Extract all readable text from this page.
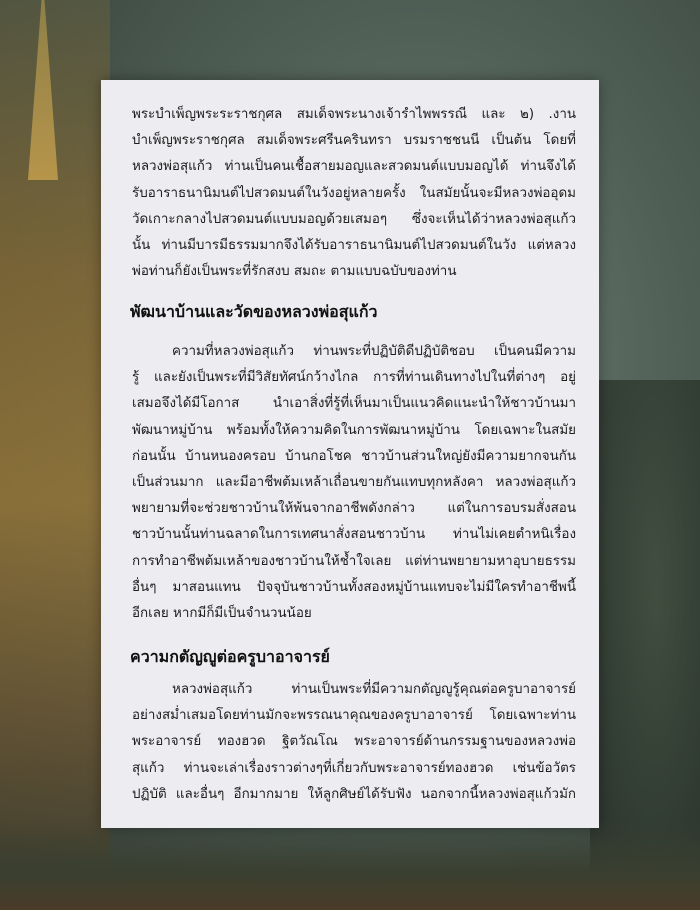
พระบำเพ็ญพระระราชกุศล สมเด็จพระนางเจ้ารำไพพรรณี และ ๒) .งาน
บำเพ็ญพระราชกุศล สมเด็จพระศรีนครินทรา บรมราชชนนี เป็นต้น โดยที่
หลวงพ่อสุแก้ว ท่านเป็นคนเชื้อสายมอญและสวดมนต์แบบมอญได้ ท่านจึงได้
รับอาราธนานิมนต์ไปสวดมนต์ในวังอยู่หลายครั้ง ในสมัยนั้นจะมีหลวงพ่ออุดม
วัดเกาะกลางไปสวดมนต์แบบมอญด้วยเสมอๆ ซึ่งจะเห็นได้ว่าหลวงพ่อสุแก้ว
นั้น ท่านมีบารมีธรรมมากจึงได้รับอาราธนานิมนต์ไปสวดมนต์ในวัง แต่หลวง
พ่อท่านก็ยังเป็นพระที่รักสงบ สมถะ ตามแบบฉบับของท่าน
พัฒนาบ้านและวัดของหลวงพ่อสุแก้ว
ความที่หลวงพ่อสุแก้ว ท่านพระที่ปฏิบัติดีปฏิบัติชอบ เป็นคนมีความ
รู้ และยังเป็นพระที่มีวิสัยทัศน์กว้างไกล การที่ท่านเดินทางไปในที่ต่างๆ อยู่
เสมอจึงได้มีโอกาส นำเอาสิ่งที่รู้ที่เห็นมาเป็นแนวคิดแนะนำให้ชาวบ้านมา
พัฒนาหมู่บ้าน พร้อมทั้งให้ความคิดในการพัฒนาหมู่บ้าน โดยเฉพาะในสมัย
ก่อนนั้น บ้านหนองครอบ บ้านกอโชค ชาวบ้านส่วนใหญ่ยังมีความยากจนกัน
เป็นส่วนมาก และมีอาชีพต้มเหล้าเถื่อนขายกันแทบทุกหลังคา หลวงพ่อสุแก้ว
พยายามที่จะช่วยชาวบ้านให้พ้นจากอาชีพดังกล่าว แต่ในการอบรมสั่งสอน
ชาวบ้านนั้นท่านฉลาดในการเทศนาสั่งสอนชาวบ้าน ท่านไม่เคยตำหนิเรื่อง
การทำอาชีพต้มเหล้าของชาวบ้านให้ช้ำใจเลย แต่ท่านพยายามหาอุบายธรรม
อื่นๆ มาสอนแทน ปัจจุบันชาวบ้านทั้งสองหมู่บ้านแทบจะไม่มีใครทำอาชีพนี้
อีกเลย หากมีก็มีเป็นจำนวนน้อย
ความกตัญญูต่อครูบาอาจารย์
หลวงพ่อสุแก้ว ท่านเป็นพระที่มีความกตัญญูรู้คุณต่อครูบาอาจารย์
อย่างสม่ำเสมอโดยท่านมักจะพรรณนาคุณของครูบาอาจารย์ โดยเฉพาะท่าน
พระอาจารย์ ทองฮวด ฐิตวัณโณ พระอาจารย์ด้านกรรมฐานของหลวงพ่อ
สุแก้ว ท่านจะเล่าเรื่องราวต่างๆที่เกี่ยวกับพระอาจารย์ทองฮวด เช่นข้อวัตร
ปฏิบัติ และอื่นๆ อีกมากมาย ให้ลูกศิษย์ได้รับฟัง นอกจากนี้หลวงพ่อสุแก้วมัก
